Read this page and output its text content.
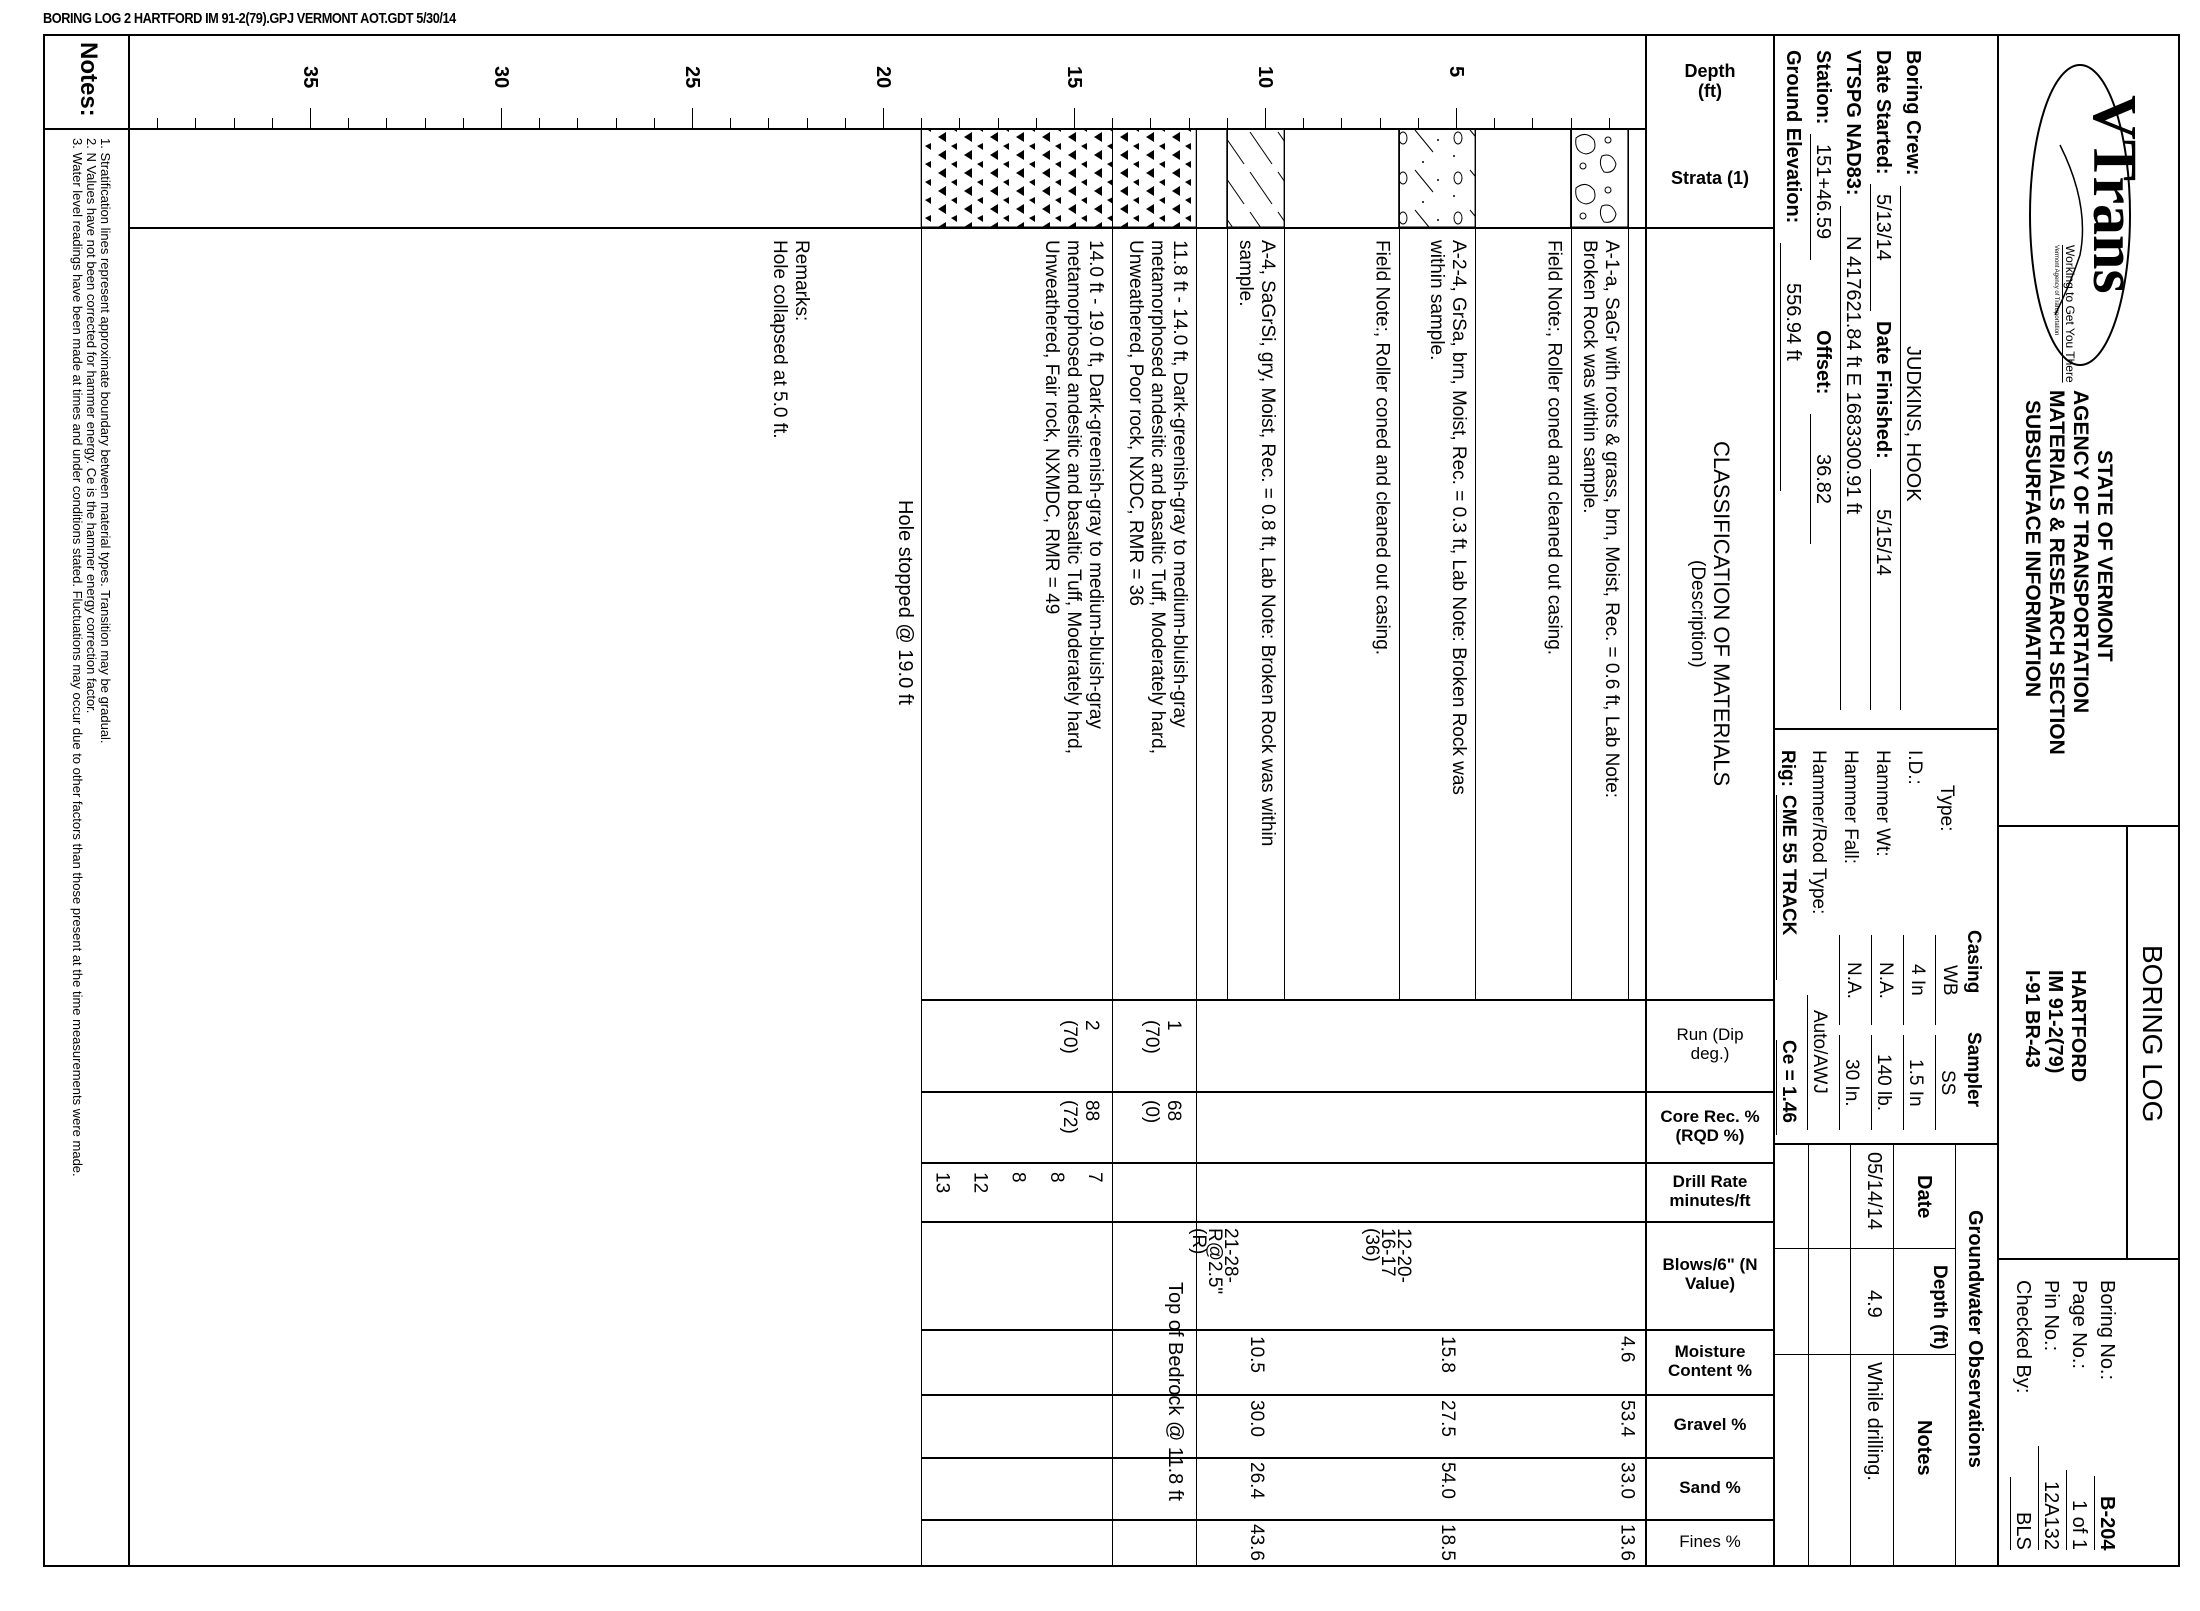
BORING LOG 2 HARTFORD IM 91-2(79).GPJ VERMONT AOT.GDT 5/30/14
Notes:
1. Stratification lines represent approximate boundary between material types. Transition may be gradual.
2. N Values have not been corrected for hammer energy. Ce is the hammer energy correction factor.
3. Water level readings have been made at times and under conditions stated. Fluctuations may occur due to other factors than those present at the time measurements were made.
5
10
15
20
25
30
35	Depth (ft)
Strata (1)
CLASSIFICATION OF MATERIALS
(Description)
Run (Dip deg.)
Core Rec. % (RQD %)
Drill Rate minutes/ft
Blows/6" (N Value)
Moisture Content %
Gravel %
Sand %
Fines %
A-1-a, SaGr with roots & grass, brn, Moist, Rec. = 0.6 ft, Lab Note:
Broken Rock was within sample.
Field Note:, Roller coned and cleaned out casing.
A-2-4, GrSa, brn, Moist, Rec. = 0.3 ft, Lab Note: Broken Rock was
within sample.
Field Note:, Roller coned and cleaned out casing.
A-4, SaGrSi, gry, Moist, Rec. = 0.8 ft, Lab Note: Broken Rock was within
sample.
11.8 ft - 14.0 ft, Dark-greenish-gray to medium-bluish-gray
metamorphosed andesitic and basaltic Tuff, Moderately hard,
Unweathered, Poor rock, NXDC, RMR = 36
14.0 ft - 19.0 ft, Dark-greenish-gray to medium-bluish-gray
metamorphosed andesitic and basaltic Tuff, Moderately hard,
Unweathered, Fair rock, NXMDC, RMR = 49
Hole stopped @ 19.0 ft
Remarks:
Hole collapsed at 5.0 ft.
1
(70)
2
(70)
68
(0)
88
(72)
7
8
8
12
13
12-20-
16-17
(36)
21-28-
R@2.5"
(R)
Top of Bedrock @ 11.8 ft	4.6
53.4
33.0
13.6
15.8
27.5
54.0
18.5
10.5
30.0
26.4
43.6
VTrans
Working to Get You There
Vermont Agency of Transportation
STATE OF VERMONT
AGENCY OF TRANSPORTATION
MATERIALS & RESEARCH SECTION
SUBSURFACE INFORMATION
BORING LOG
HARTFORD
IM 91-2(79)
I-91 BR-43
Boring No.:
B-204
Page No.:
1 of 1
Pin No.:
12A132
Checked By:
BLS
Boring Crew:
JUDKINS, HOOK
Date Started:
5/13/14
Date Finished:
5/15/14
VTSPG NAD83:
N 417621.84 ft E 1683300.91 ft
Station:
151+46.59
Offset:
36.82
Ground Elevation:
556.94 ft
Casing
Sampler
Type:
WB
SS
I.D.:
4 In
1.5 In
Hammer Wt:
N.A.
140 lb.
Hammer Fall:
N.A.
30 In.
Hammer/Rod Type:
Auto/AWJ
Rig:
CME 55 TRACK
Ce = 1.46
Groundwater Observations
Date
Depth (ft)
Notes
05/14/14
4.9
While drilling.
